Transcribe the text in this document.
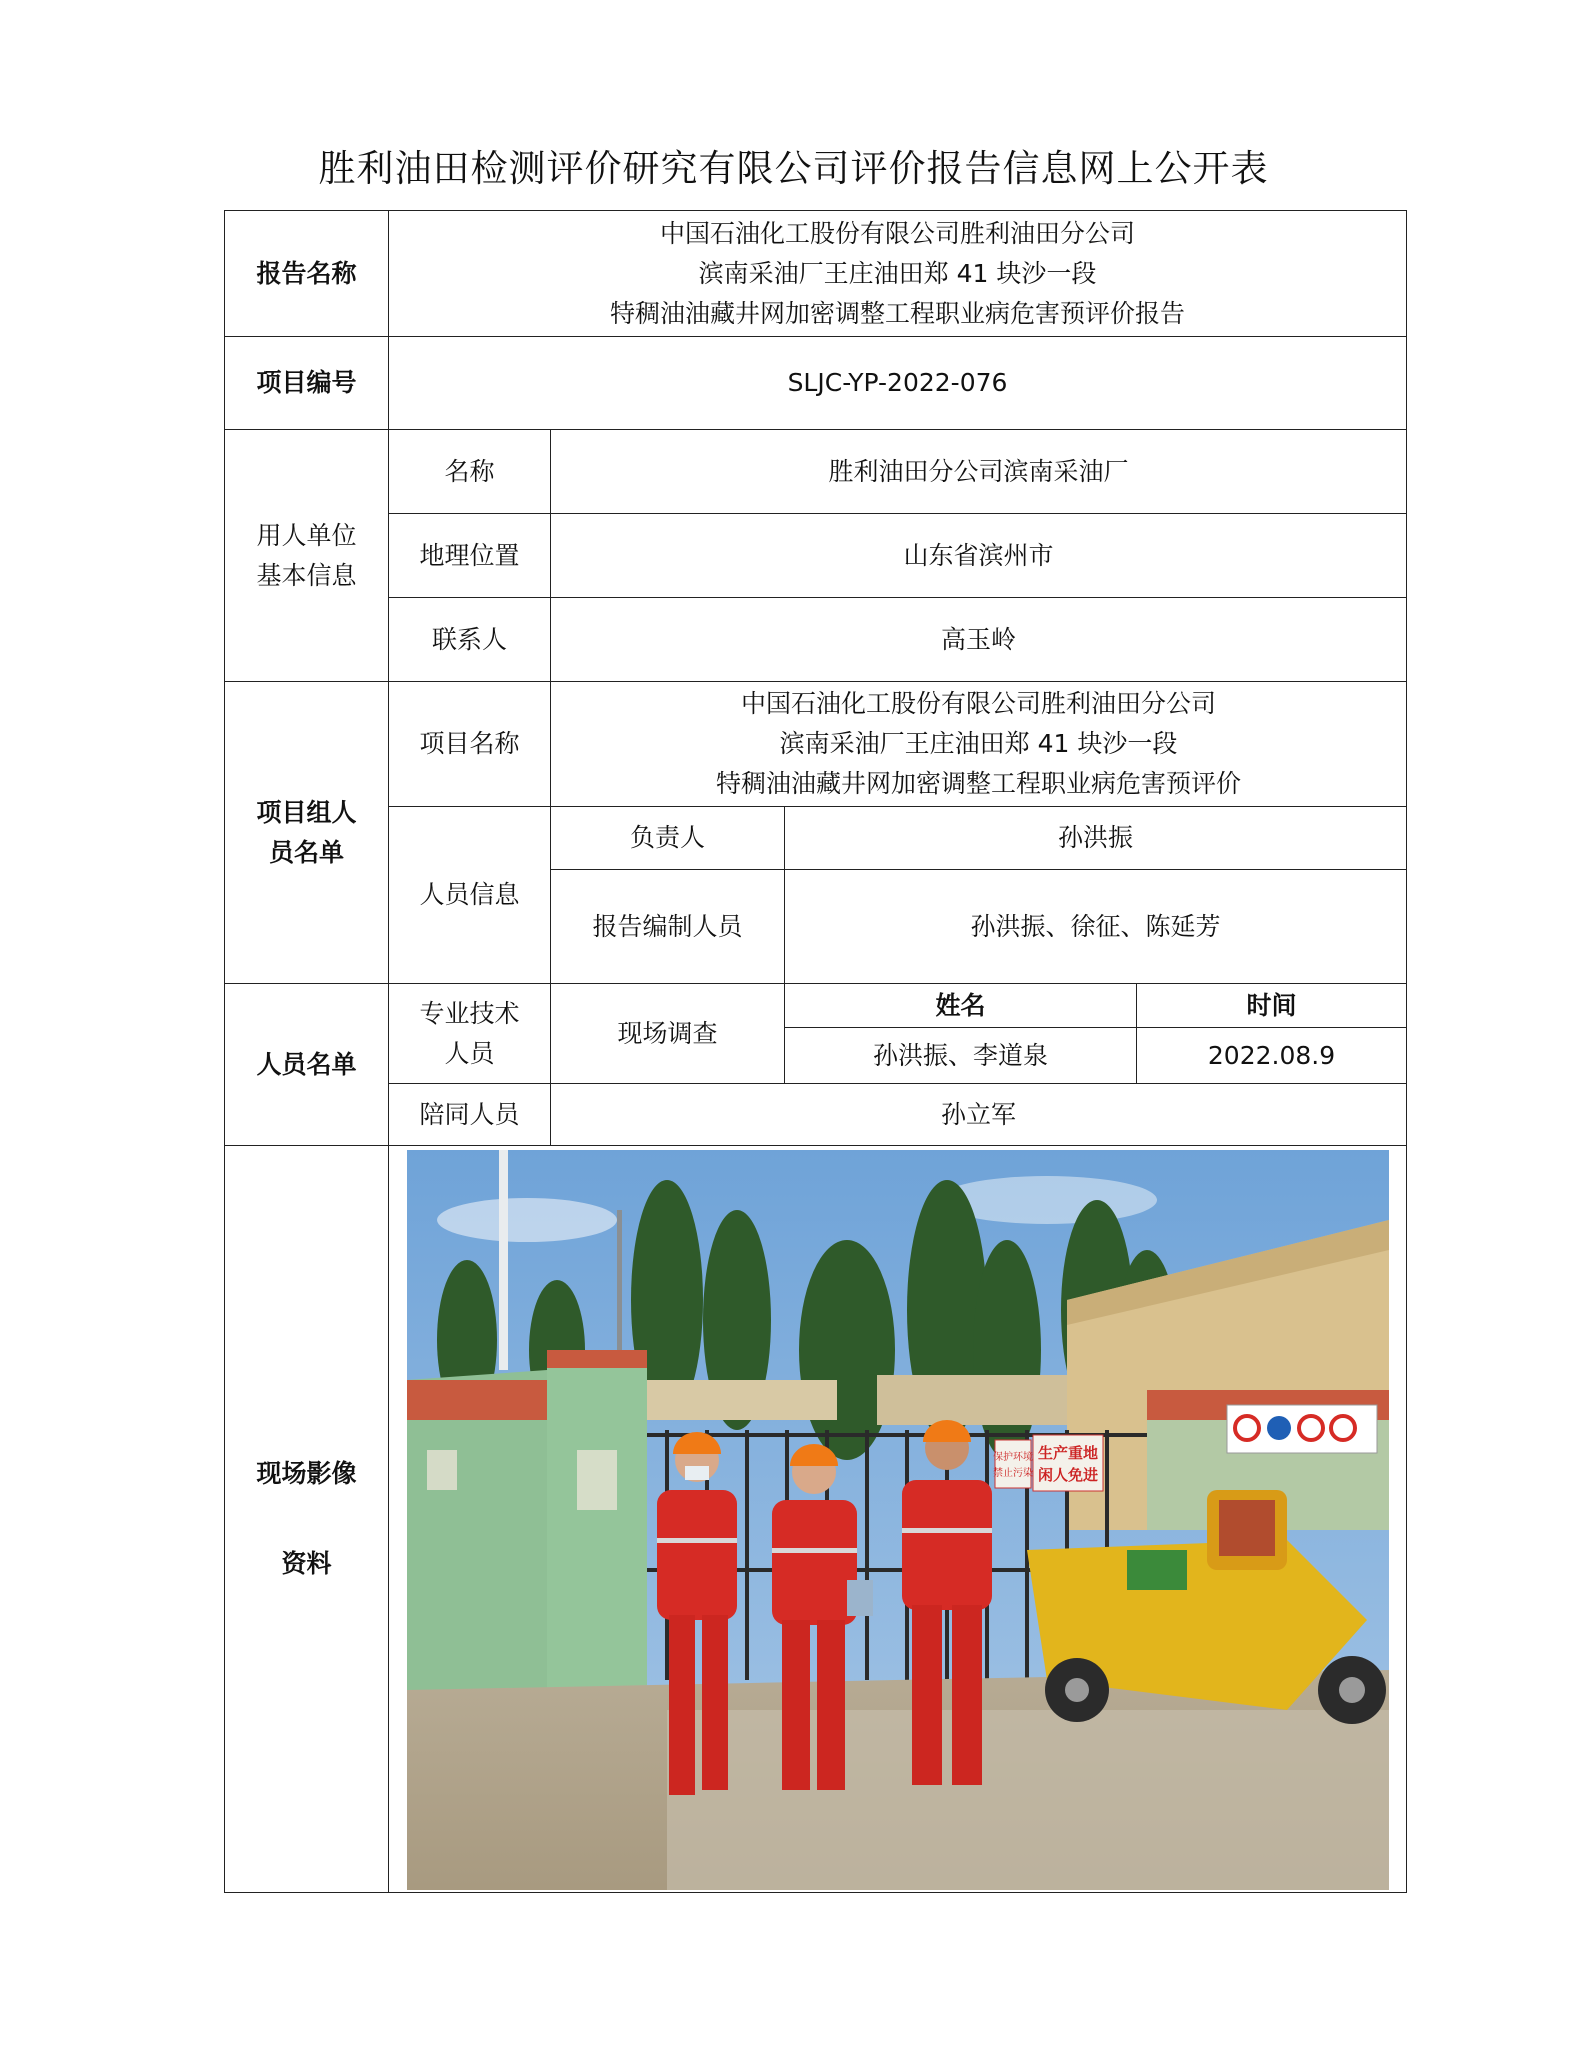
胜利油田检测评价研究有限公司评价报告信息网上公开表
报告名称	中国石油化工股份有限公司胜利油田分公司
滨南采油厂王庄油田郑 41 块沙一段
特稠油油藏井网加密调整工程职业病危害预评价报告			

项目编号	SLJC-YP-2022-076			

用人单位
基本信息	名称	胜利油田分公司滨南采油厂		
	地理位置	山东省滨州市		
	联系人	高玉岭		

项目组人
员名单	项目名称	中国石油化工股份有限公司胜利油田分公司
滨南采油厂王庄油田郑 41 块沙一段
特稠油油藏井网加密调整工程职业病危害预评价		

	人员信息	负责人	孙洪振	
		报告编制人员	孙洪振、徐征、陈延芳	
人员名单	专业技术
人员	现场调查	姓名	时间
			孙洪振、李道泉	2022.08.9
	陪同人员	孙立军		

现场影像
资料	保护环境
禁止污染
生产重地
闲人免进			
